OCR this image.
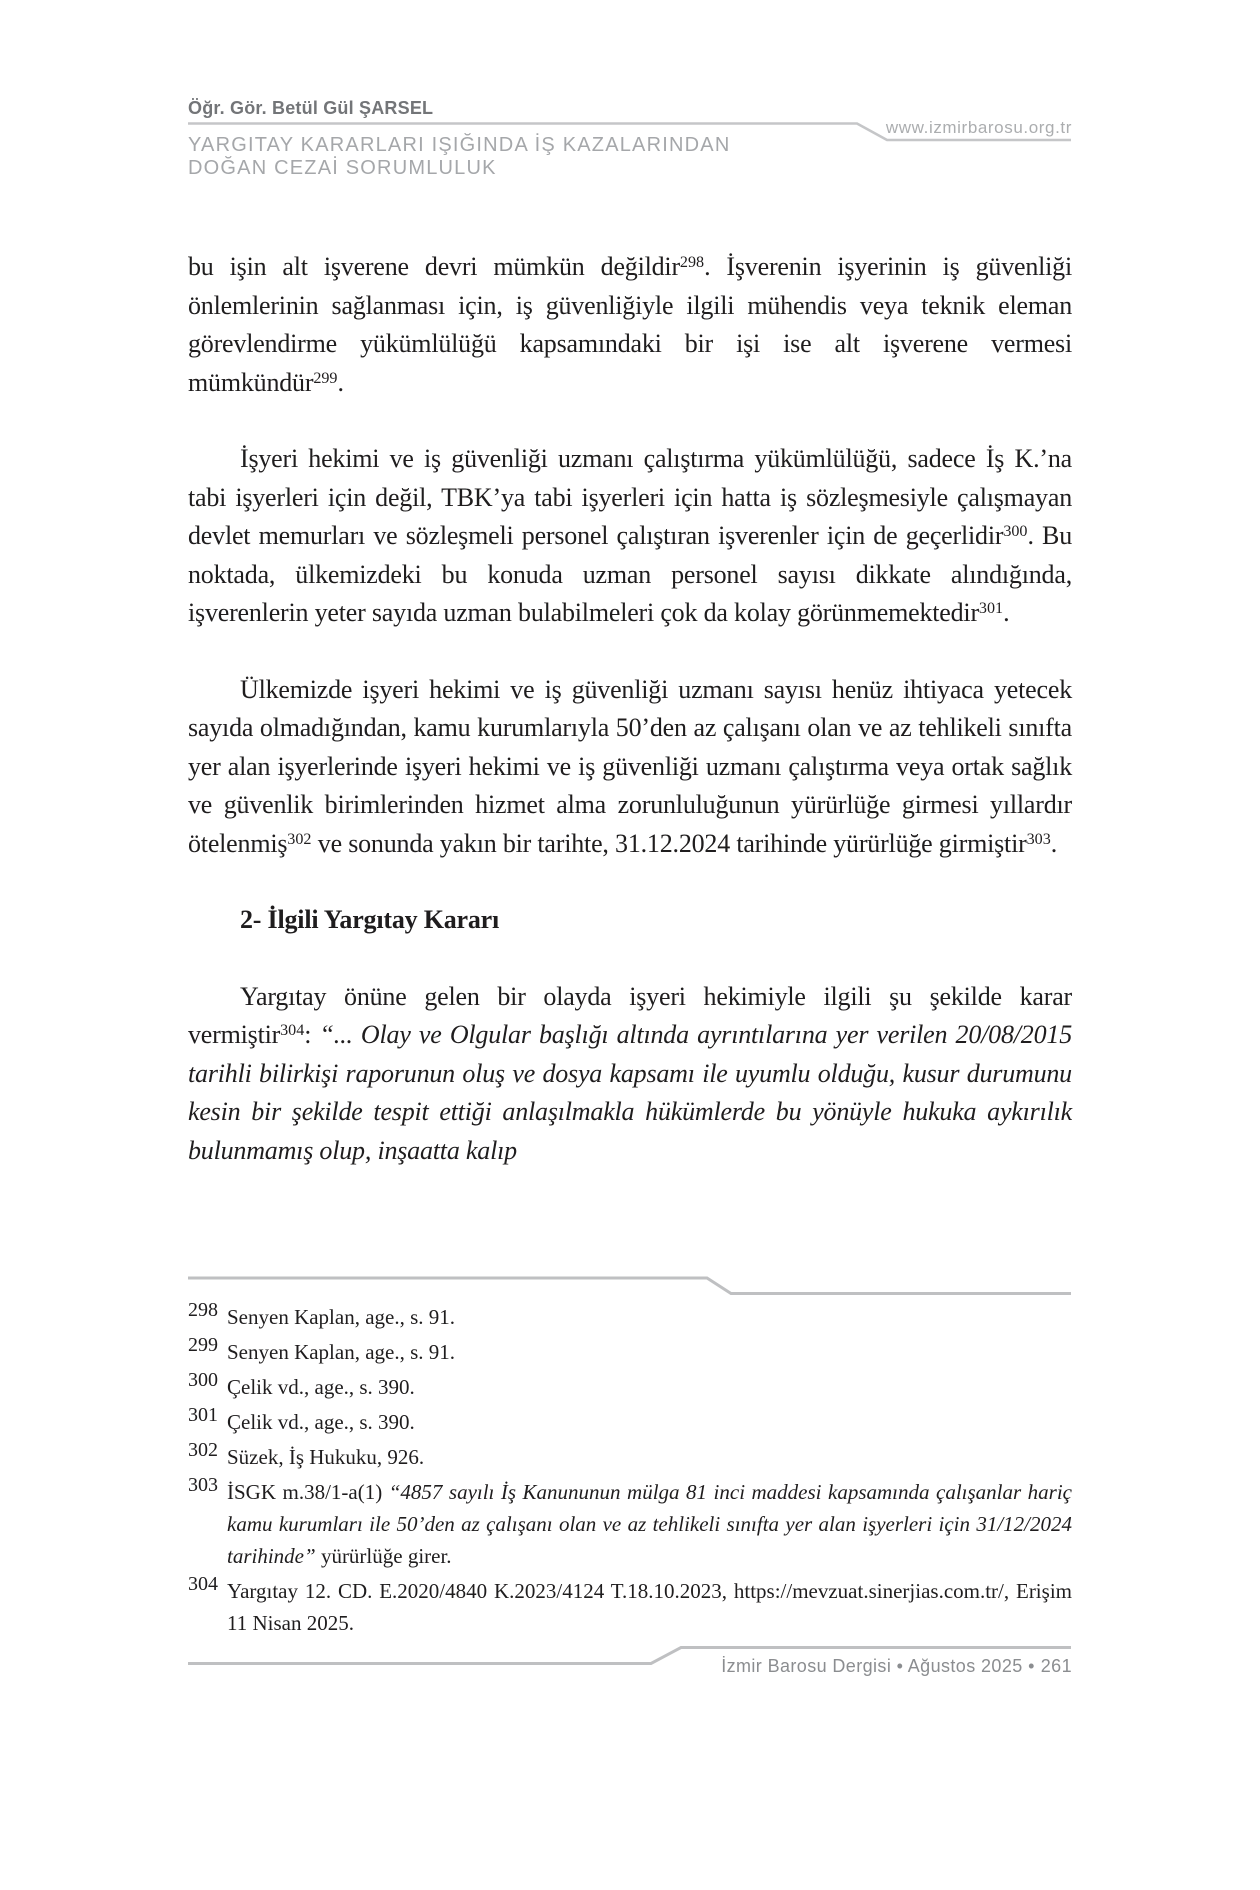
Öğr. Gör. Betül Gül ŞARSEL
www.izmirbarosu.org.tr
YARGITAY KARARLARI IŞIĞINDA İŞ KAZALARINDAN
DOĞAN CEZAİ SORUMLULUK

bu işin alt işverene devri mümkün değildir$^{298}$. İşverenin işyerinin iş güvenliği önlemlerinin sağlanması için, iş güvenliğiyle ilgili mühendis veya teknik eleman görevlendirme yükümlülüğü kapsamındaki bir işi ise alt işverene vermesi mümkündür$^{299}$.

İşyeri hekimi ve iş güvenliği uzmanı çalıştırma yükümlülüğü, sadece İş K.’na tabi işyerleri için değil, TBK’ya tabi işyerleri için hatta iş sözleşmesiyle çalışmayan devlet memurları ve sözleşmeli personel çalıştıran işverenler için de geçerlidir$^{300}$. Bu noktada, ülkemizdeki bu konuda uzman personel sayısı dikkate alındığında, işverenlerin yeter sayıda uzman bulabilmeleri çok da kolay görünmemektedir$^{301}$.

Ülkemizde işyeri hekimi ve iş güvenliği uzmanı sayısı henüz ihtiyaca yetecek sayıda olmadığından, kamu kurumlarıyla 50’den az çalışanı olan ve az tehlikeli sınıfta yer alan işyerlerinde işyeri hekimi ve iş güvenliği uzmanı çalıştırma veya ortak sağlık ve güvenlik birimlerinden hizmet alma zorunluluğunun yürürlüğe girmesi yıllardır ötelenmiş$^{302}$ ve sonunda yakın bir tarihte, 31.12.2024 tarihinde yürürlüğe girmiştir$^{303}$.

2- İlgili Yargıtay Kararı

Yargıtay önüne gelen bir olayda işyeri hekimiyle ilgili şu şekilde karar vermiştir$^{304}$: “... Olay ve Olgular başlığı altında ayrıntılarına yer verilen 20/08/2015 tarihli bilirkişi raporunun oluş ve dosya kapsamı ile uyumlu olduğu, kusur durumunu kesin bir şekilde tespit ettiği anlaşılmakla hükümlerde bu yönüyle hukuka aykırılık bulunmamış olup, inşaatta kalıp

298 Senyen Kaplan, age., s. 91.
299 Senyen Kaplan, age., s. 91.
300 Çelik vd., age., s. 390.
301 Çelik vd., age., s. 390.
302 Süzek, İş Hukuku, 926.
303 İSGK m.38/1-a(1) “4857 sayılı İş Kanununun mülga 81 inci maddesi kapsamında çalışanlar hariç kamu kurumları ile 50’den az çalışanı olan ve az tehlikeli sınıfta yer alan işyerleri için 31/12/2024 tarihinde” yürürlüğe girer.
304 Yargıtay 12. CD. E.2020/4840 K.2023/4124 T.18.10.2023, https://mevzuat.sinerjias.com.tr/, Erişim 11 Nisan 2025.
İzmir Barosu Dergisi • Ağustos 2025 • 261
